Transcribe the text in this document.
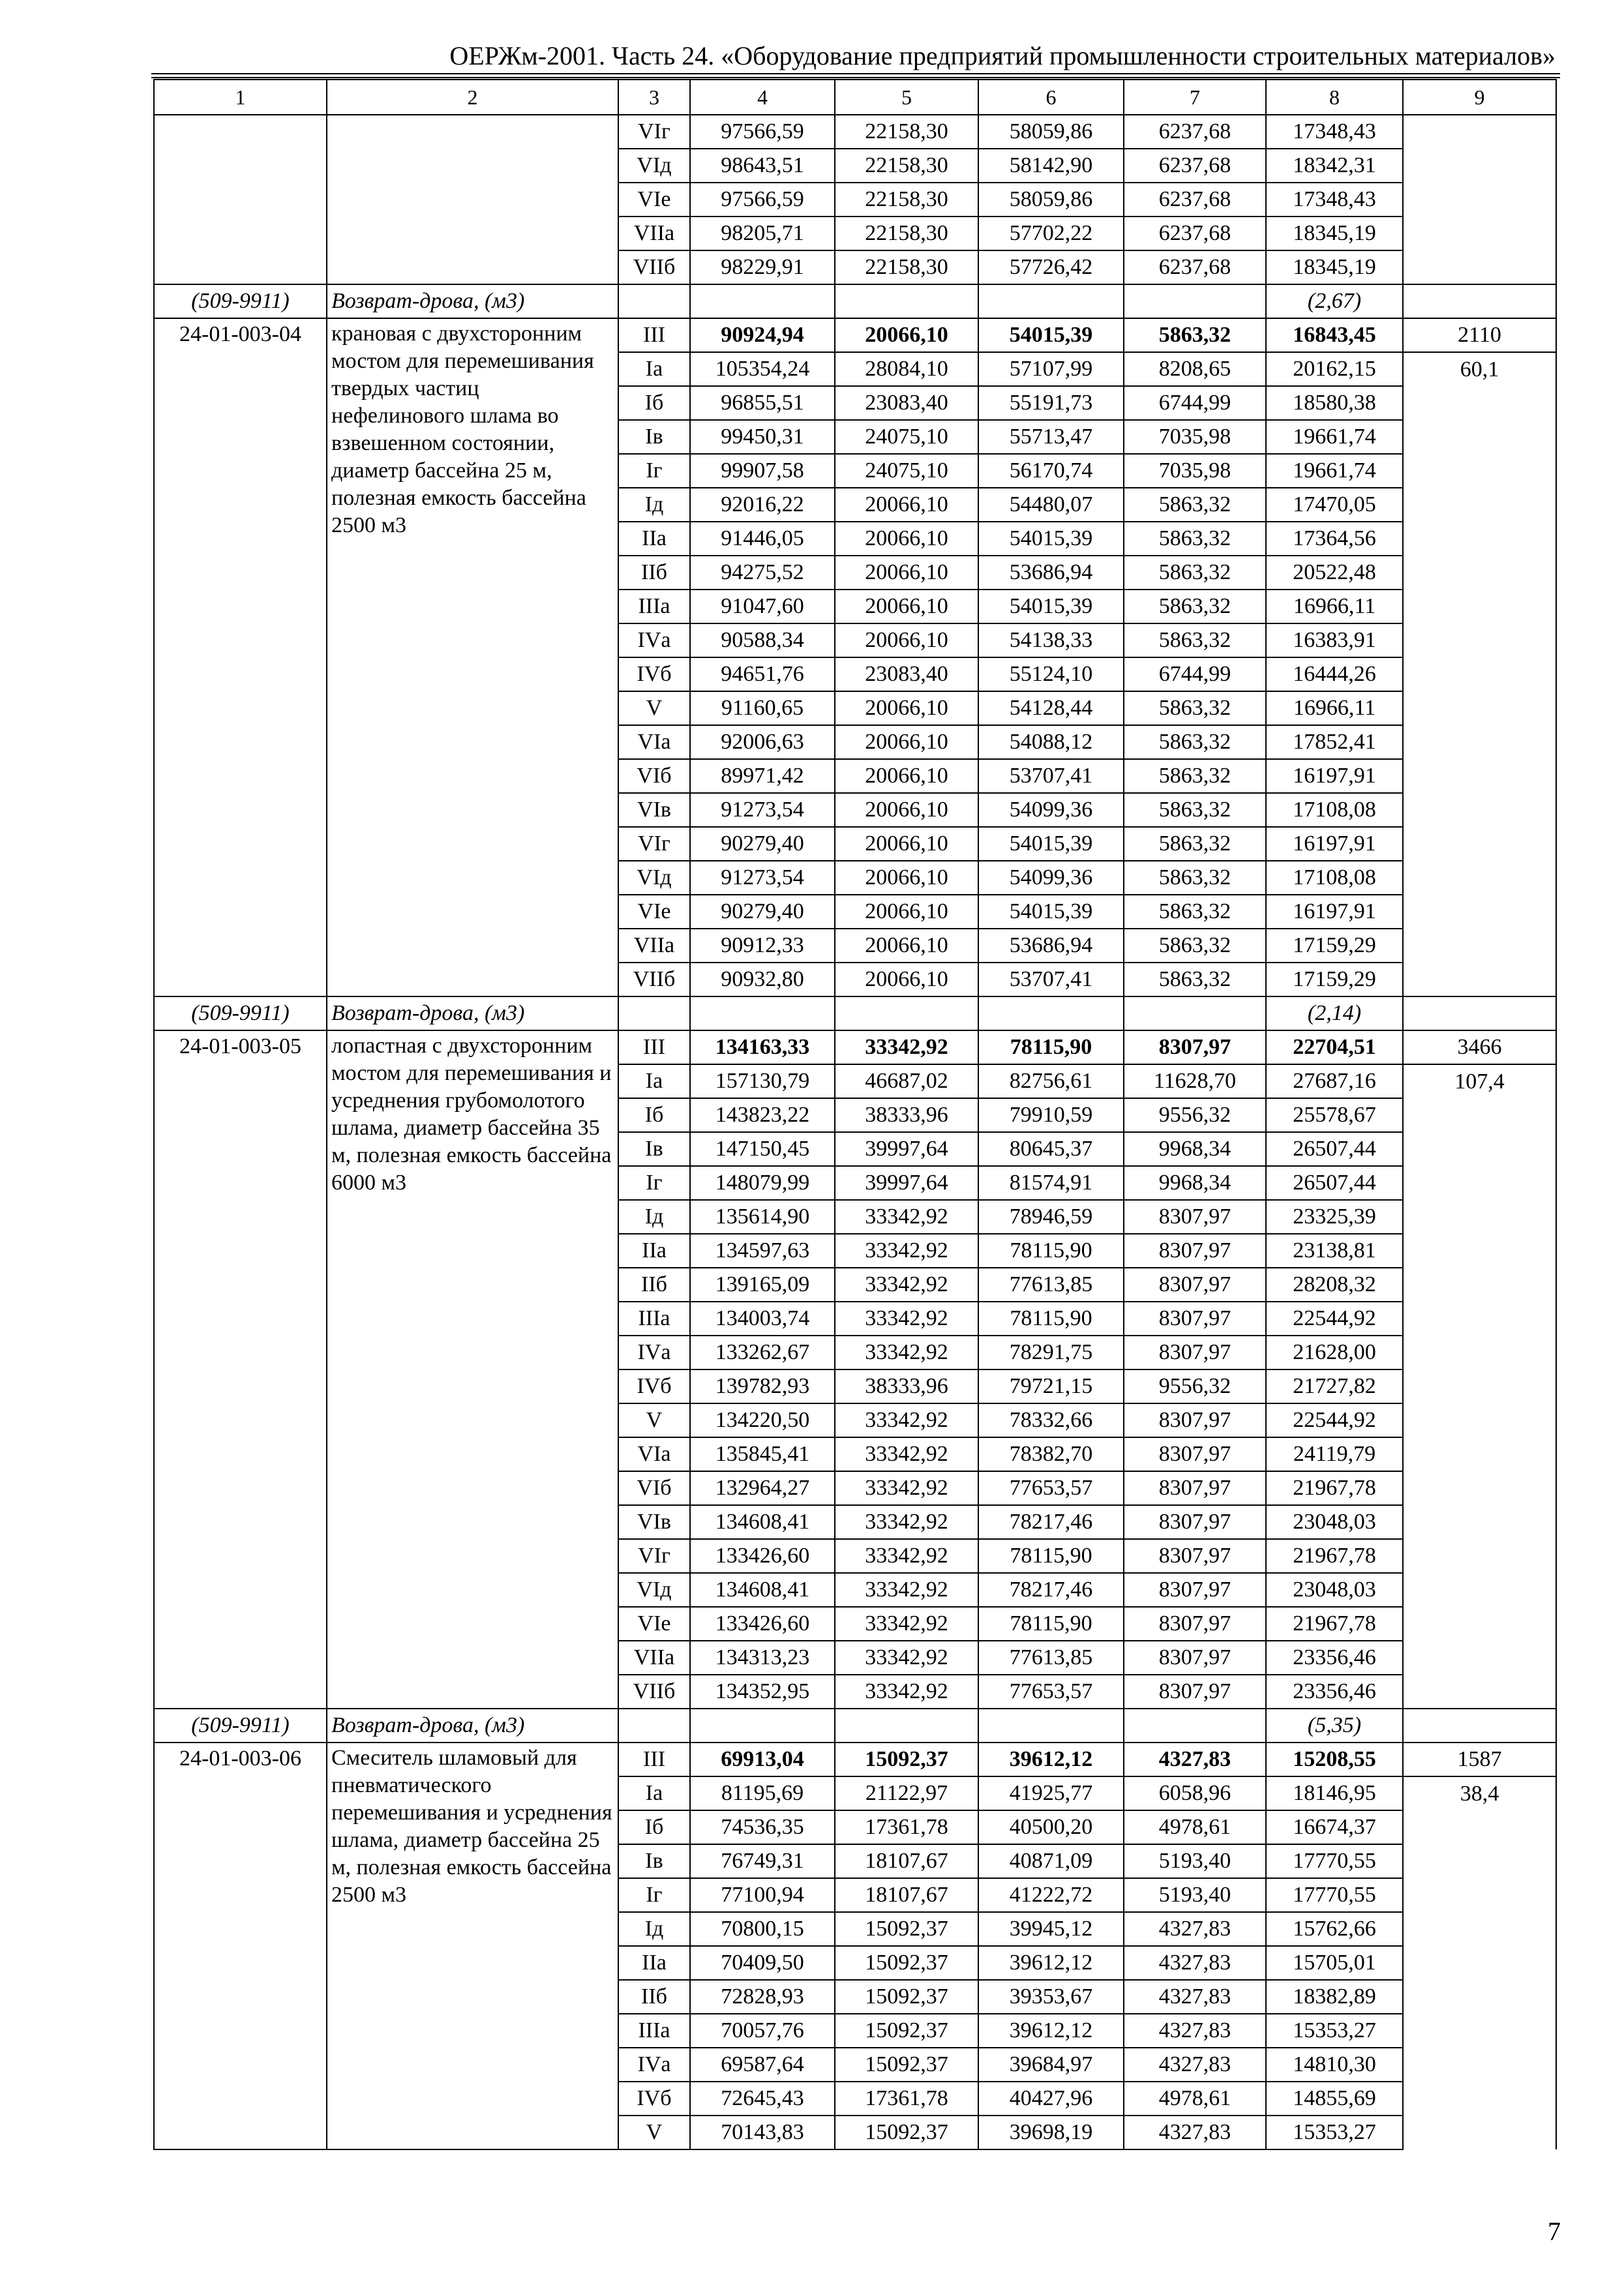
ОЕРЖм-2001. Часть 24. «Оборудование предприятий промышленности строительных материалов»
1	2	3	4	5	6	7	8	9
		VIг	97566,59	22158,30	58059,86	6237,68	17348,43	
		VIд	98643,51	22158,30	58142,90	6237,68	18342,31	
		VIе	97566,59	22158,30	58059,86	6237,68	17348,43	
		VIIа	98205,71	22158,30	57702,22	6237,68	18345,19	
		VIIб	98229,91	22158,30	57726,42	6237,68	18345,19	
(509-9911)	Возврат-дрова, (м3)						(2,67)	
24-01-003-04	крановая с двухсторонним мостом для перемешивания твердых частиц нефелинового шлама во взвешенном состоянии, диаметр бассейна 25 м, полезная емкость бассейна 2500 м3	III	90924,94	20066,10	54015,39	5863,32	16843,45	2110
		Iа	105354,24	28084,10	57107,99	8208,65	20162,15	60,1
		Iб	96855,51	23083,40	55191,73	6744,99	18580,38	
		Iв	99450,31	24075,10	55713,47	7035,98	19661,74	
		Iг	99907,58	24075,10	56170,74	7035,98	19661,74	
		Iд	92016,22	20066,10	54480,07	5863,32	17470,05	
		IIа	91446,05	20066,10	54015,39	5863,32	17364,56	
		IIб	94275,52	20066,10	53686,94	5863,32	20522,48	
		IIIа	91047,60	20066,10	54015,39	5863,32	16966,11	
		IVа	90588,34	20066,10	54138,33	5863,32	16383,91	
		IVб	94651,76	23083,40	55124,10	6744,99	16444,26	
		V	91160,65	20066,10	54128,44	5863,32	16966,11	
		VIа	92006,63	20066,10	54088,12	5863,32	17852,41	
		VIб	89971,42	20066,10	53707,41	5863,32	16197,91	
		VIв	91273,54	20066,10	54099,36	5863,32	17108,08	
		VIг	90279,40	20066,10	54015,39	5863,32	16197,91	
		VIд	91273,54	20066,10	54099,36	5863,32	17108,08	
		VIе	90279,40	20066,10	54015,39	5863,32	16197,91	
		VIIа	90912,33	20066,10	53686,94	5863,32	17159,29	
		VIIб	90932,80	20066,10	53707,41	5863,32	17159,29	
(509-9911)	Возврат-дрова, (м3)						(2,14)	
24-01-003-05	лопастная с двухсторонним мостом для перемешивания и усреднения грубомолотого шлама, диаметр бассейна 35 м, полезная емкость бассейна 6000 м3	III	134163,33	33342,92	78115,90	8307,97	22704,51	3466
		Iа	157130,79	46687,02	82756,61	11628,70	27687,16	107,4
		Iб	143823,22	38333,96	79910,59	9556,32	25578,67	
		Iв	147150,45	39997,64	80645,37	9968,34	26507,44	
		Iг	148079,99	39997,64	81574,91	9968,34	26507,44	
		Iд	135614,90	33342,92	78946,59	8307,97	23325,39	
		IIа	134597,63	33342,92	78115,90	8307,97	23138,81	
		IIб	139165,09	33342,92	77613,85	8307,97	28208,32	
		IIIа	134003,74	33342,92	78115,90	8307,97	22544,92	
		IVа	133262,67	33342,92	78291,75	8307,97	21628,00	
		IVб	139782,93	38333,96	79721,15	9556,32	21727,82	
		V	134220,50	33342,92	78332,66	8307,97	22544,92	
		VIа	135845,41	33342,92	78382,70	8307,97	24119,79	
		VIб	132964,27	33342,92	77653,57	8307,97	21967,78	
		VIв	134608,41	33342,92	78217,46	8307,97	23048,03	
		VIг	133426,60	33342,92	78115,90	8307,97	21967,78	
		VIд	134608,41	33342,92	78217,46	8307,97	23048,03	
		VIе	133426,60	33342,92	78115,90	8307,97	21967,78	
		VIIа	134313,23	33342,92	77613,85	8307,97	23356,46	
		VIIб	134352,95	33342,92	77653,57	8307,97	23356,46	
(509-9911)	Возврат-дрова, (м3)						(5,35)	
24-01-003-06	Смеситель шламовый для пневматического перемешивания и усреднения шлама, диаметр бассейна 25 м, полезная емкость бассейна 2500 м3	III	69913,04	15092,37	39612,12	4327,83	15208,55	1587
		Iа	81195,69	21122,97	41925,77	6058,96	18146,95	38,4
		Iб	74536,35	17361,78	40500,20	4978,61	16674,37	
		Iв	76749,31	18107,67	40871,09	5193,40	17770,55	
		Iг	77100,94	18107,67	41222,72	5193,40	17770,55	
		Iд	70800,15	15092,37	39945,12	4327,83	15762,66	
		IIа	70409,50	15092,37	39612,12	4327,83	15705,01	
		IIб	72828,93	15092,37	39353,67	4327,83	18382,89	
		IIIа	70057,76	15092,37	39612,12	4327,83	15353,27	
		IVа	69587,64	15092,37	39684,97	4327,83	14810,30	
		IVб	72645,43	17361,78	40427,96	4978,61	14855,69	
		V	70143,83	15092,37	39698,19	4327,83	15353,27	
7
